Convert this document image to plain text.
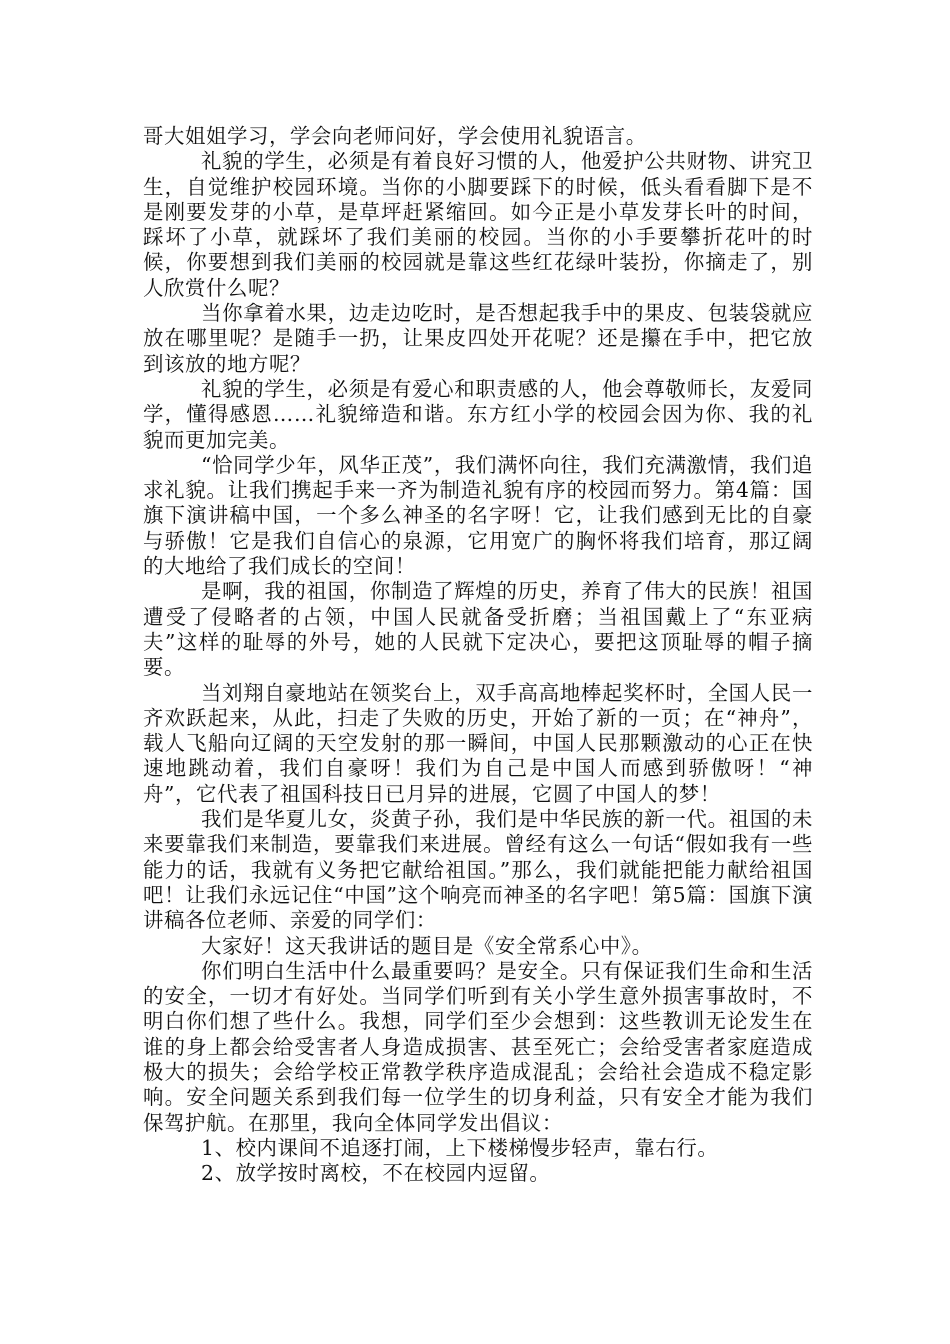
哥大姐姐学习，学会向老师问好，学会使用礼貌语言。

礼貌的学生，必须是有着良好习惯的人，他爱护公共财物、讲究卫生，自觉维护校园环境。当你的小脚要踩下的时候，低头看看脚下是不是刚要发芽的小草，是草坪赶紧缩回。如今正是小草发芽长叶的时间，踩坏了小草，就踩坏了我们美丽的校园。当你的小手要攀折花叶的时候，你要想到我们美丽的校园就是靠这些红花绿叶装扮，你摘走了，别人欣赏什么呢？

当你拿着水果，边走边吃时，是否想起我手中的果皮、包装袋就应放在哪里呢？是随手一扔，让果皮四处开花呢？还是攥在手中，把它放到该放的地方呢？

礼貌的学生，必须是有爱心和职责感的人，他会尊敬师长，友爱同学，懂得感恩……礼貌缔造和谐。东方红小学的校园会因为你、我的礼貌而更加完美。

“恰同学少年，风华正茂”，我们满怀向往，我们充满激情，我们追求礼貌。让我们携起手来一齐为制造礼貌有序的校园而努力。第4篇：国旗下演讲稿中国，一个多么神圣的名字呀！它，让我们感到无比的自豪与骄傲！它是我们自信心的泉源，它用宽广的胸怀将我们培育，那辽阔的大地给了我们成长的空间！

是啊，我的祖国，你制造了辉煌的历史，养育了伟大的民族！祖国遭受了侵略者的占领，中国人民就备受折磨；当祖国戴上了“东亚病夫”这样的耻辱的外号，她的人民就下定决心，要把这顶耻辱的帽子摘要。

当刘翔自豪地站在领奖台上，双手高高地棒起奖杯时，全国人民一齐欢跃起来，从此，扫走了失败的历史，开始了新的一页；在“神舟”，载人飞船向辽阔的天空发射的那一瞬间，中国人民那颗激动的心正在快速地跳动着，我们自豪呀！我们为自己是中国人而感到骄傲呀！“神舟”，它代表了祖国科技日已月异的进展，它圆了中国人的梦！

我们是华夏儿女，炎黄子孙，我们是中华民族的新一代。祖国的未来要靠我们来制造，要靠我们来进展。曾经有这么一句话“假如我有一些能力的话，我就有义务把它献给祖国。”那么，我们就能把能力献给祖国吧！让我们永远记住“中国”这个响亮而神圣的名字吧！第5篇：国旗下演讲稿各位老师、亲爱的同学们：

大家好！这天我讲话的题目是《安全常系心中》。

你们明白生活中什么最重要吗？是安全。只有保证我们生命和生活的安全，一切才有好处。当同学们听到有关小学生意外损害事故时，不明白你们想了些什么。我想，同学们至少会想到：这些教训无论发生在谁的身上都会给受害者人身造成损害、甚至死亡；会给受害者家庭造成极大的损失；会给学校正常教学秩序造成混乱；会给社会造成不稳定影响。安全问题关系到我们每一位学生的切身利益，只有安全才能为我们保驾护航。在那里，我向全体同学发出倡议：

1、校内课间不追逐打闹，上下楼梯慢步轻声，靠右行。

2、放学按时离校，不在校园内逗留。
